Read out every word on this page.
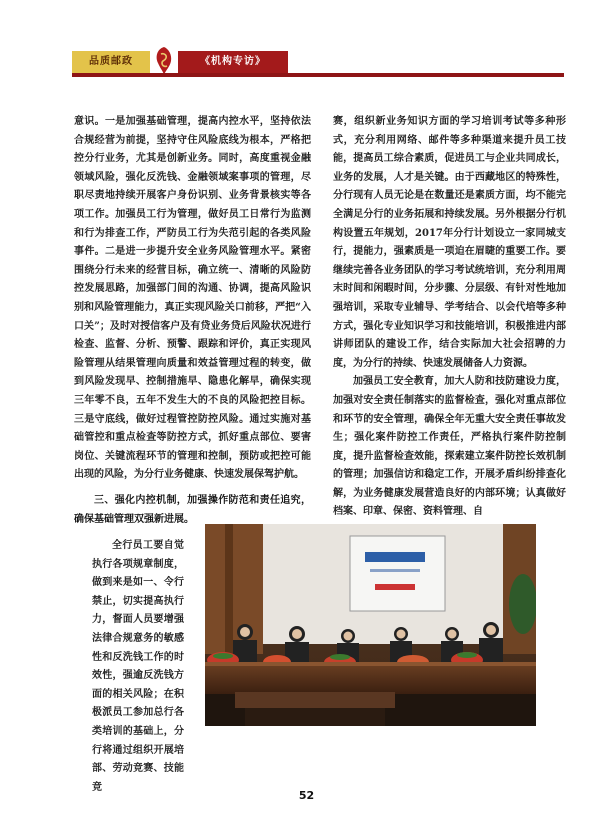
品质邮政	《机构专访》

意识。一是加强基础管理，提高内控水平，坚持依法合规经营为前提，坚持守住风险底线为根本，严格把控分行业务，尤其是创新业务。同时，高度重视金融领域风险，强化反洗钱、金融领域案事项的管理，尽职尽责地持续开展客户身份识别、业务背景核实等各项工作。加强员工行为管理，做好员工日常行为监测和行为排查工作，严防员工行为失范引起的各类风险事件。二是进一步提升安全业务风险管理水平。紧密围绕分行未来的经营目标，确立统一、清晰的风险防控发展思路，加强部门间的沟通、协调，提高风险识别和风险管理能力，真正实现风险关口前移，严把“入口关”；及时对授信客户及有贷业务贷后风险状况进行检查、监督、分析、预警、跟踪和评价，真正实现风险管理从结果管理向质量和效益管理过程的转变，做到风险发现早、控制措施早、隐患化解早，确保实现三年零不良，五年不发生大的不良的风险把控目标。三是守底线，做好过程管控防控风险。通过实施对基础管控和重点检查等防控方式，抓好重点部位、要害岗位、关键流程环节的管理和控制，预防或把控可能出现的风险，为分行业务健康、快速发展保驾护航。

三、强化内控机制，加强操作防范和责任追究，确保基础管理双强新进展。

全行员工要自觉执行各项规章制度，做到来是如一、令行禁止，切实提高执行力，督面人员要增强法律合规意务的敏感性和反洗钱工作的时效性，强逾反洗钱方面的相关风险；在积极派员工参加总行各类培训的基础上，分行将通过组织开展培部、劳动竞赛、技能竞

赛，组织新业务知识方面的学习培训考试等多种形式，充分利用网络、邮件等多种渠道来提升员工技能，提高员工综合素质，促进员工与企业共同成长，业务的发展，人才是关键。由于西藏地区的特殊性，分行现有人员无论是在数量还是素质方面，均不能完全满足分行的业务拓展和持续发展。另外根据分行机构设置五年规划，2017年分行计划设立一家同城支行，提能力，强素质是一项迫在眉睫的重要工作。要继续完善各业务团队的学习考试统培训，充分利用周末时间和闲暇时间，分步骤、分层级、有针对性地加强培训，采取专业辅导、学考结合、以会代培等多种方式，强化专业知识学习和技能培训，积极推进内部讲师团队的建设工作，结合实际加大社会招聘的力度，为分行的持续、快速发展储备人力资源。

加强员工安全教育，加大人防和技防建设力度，加强对安全责任制落实的监督检查，强化对重点部位和环节的安全管理，确保全年无重大安全责任事故发生；强化案件防控工作责任，严格执行案件防控制度，提升监督检查效能，探索建立案件防控长效机制的管理；加强信访和稳定工作，开展矛盾纠纷排查化解，为业务健康发展营造良好的内部环境；认真做好档案、印章、保密、资料管理、自

52
